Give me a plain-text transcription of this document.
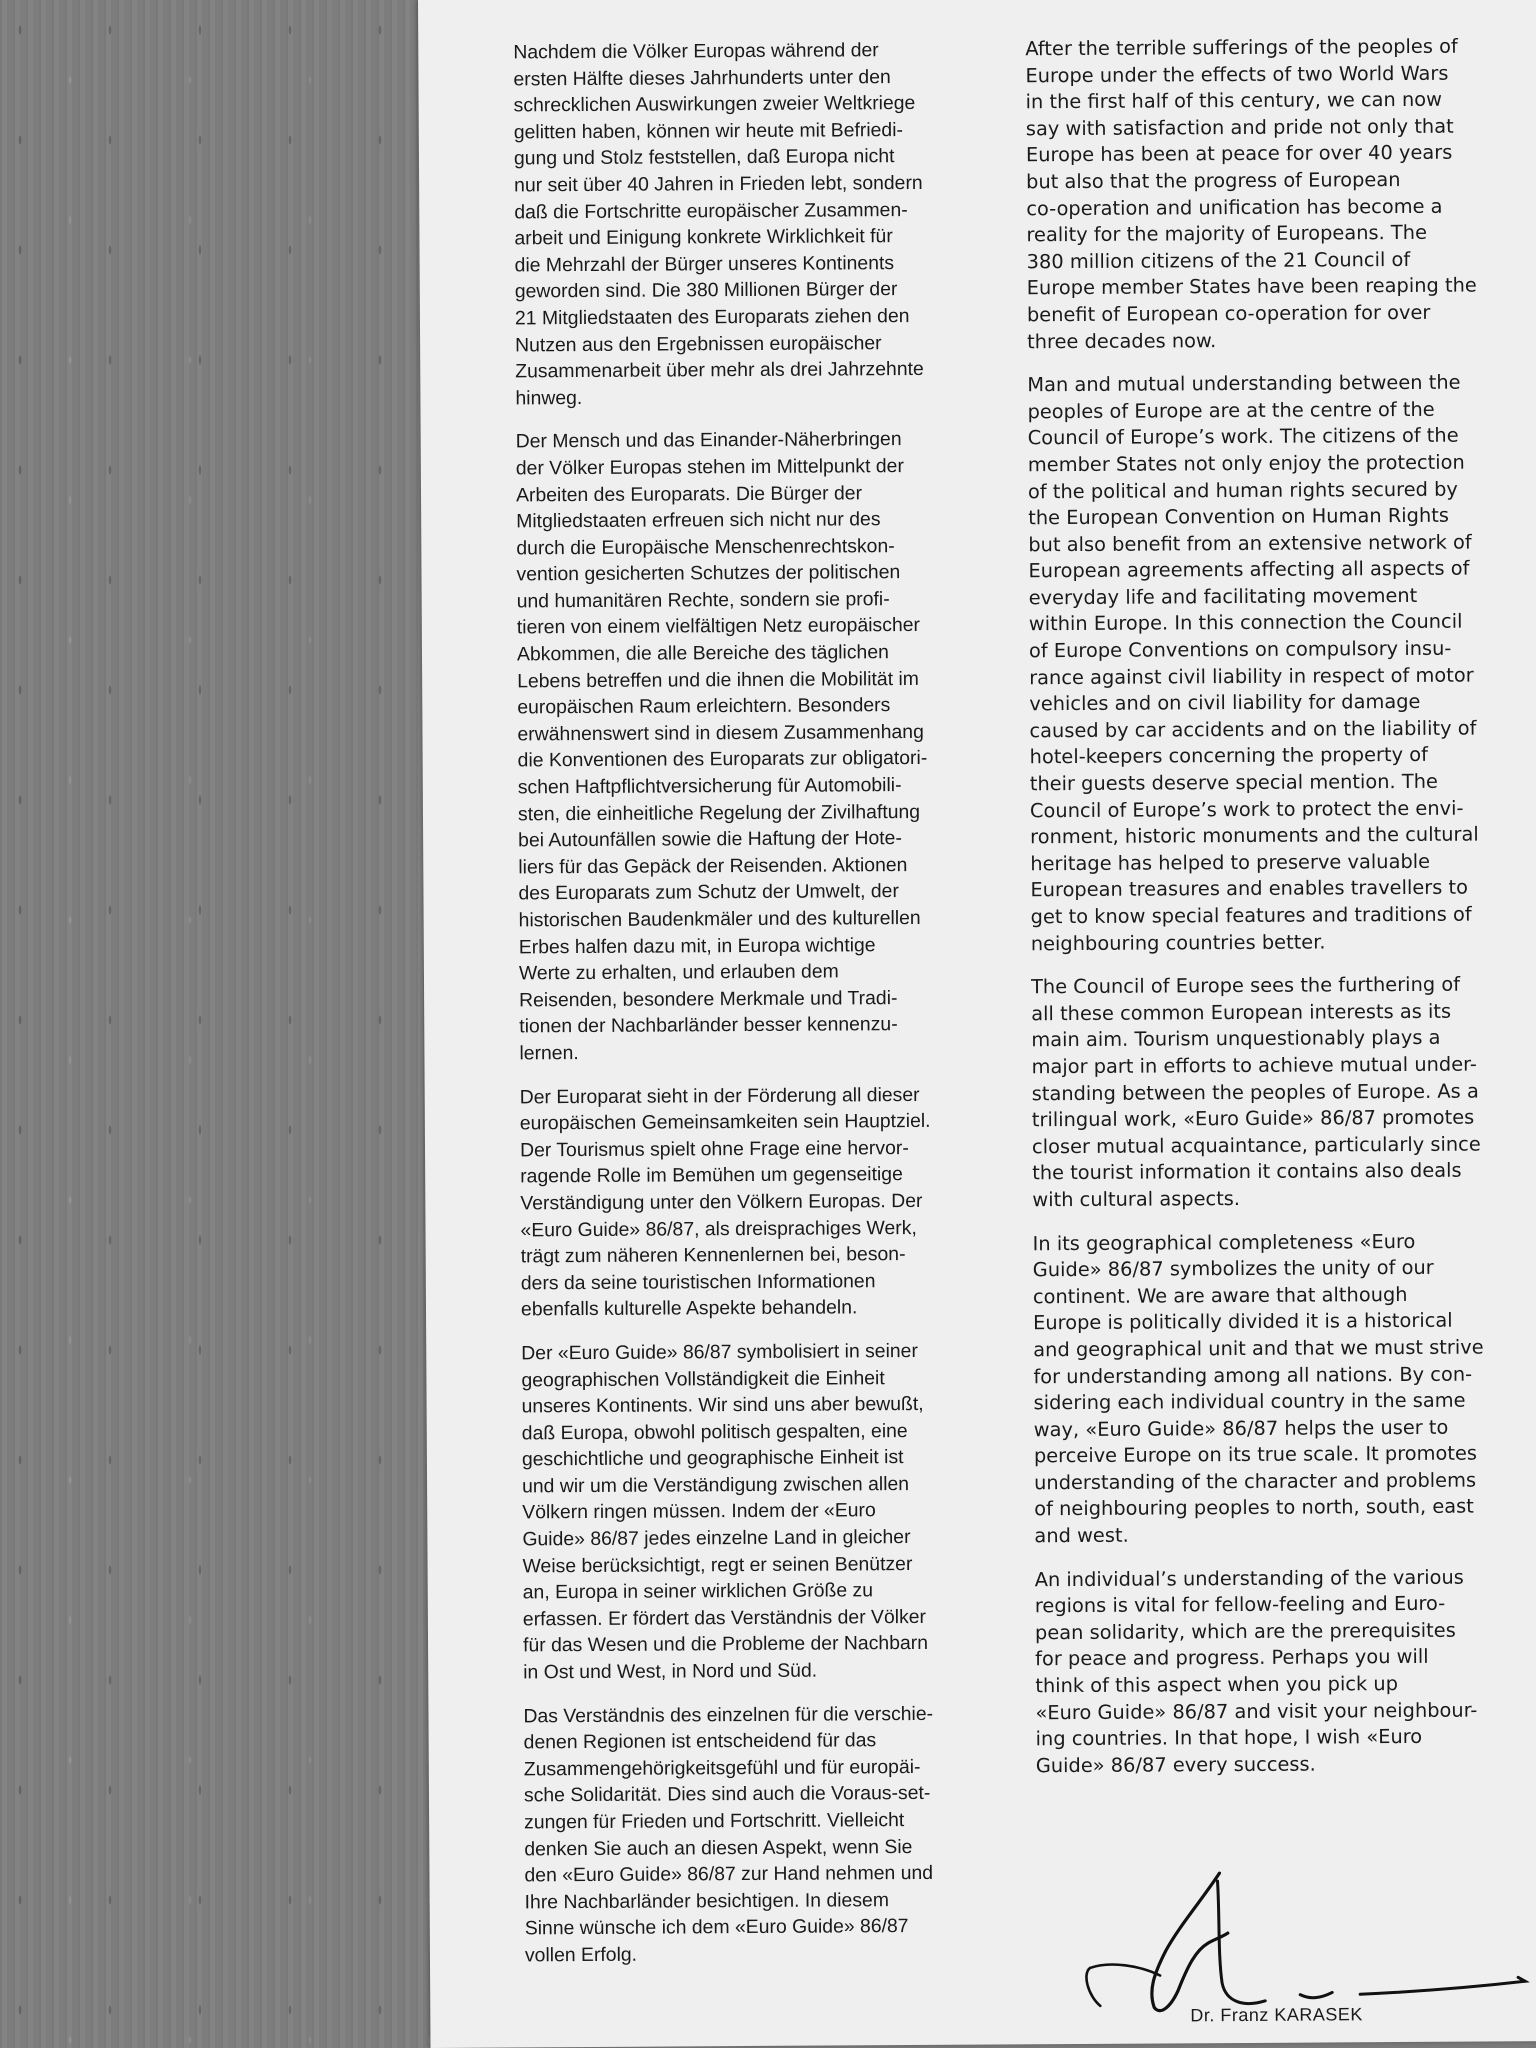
Nachdem die Völker Europas während der
ersten Hälfte dieses Jahrhunderts unter den
schrecklichen Auswirkungen zweier Weltkriege
gelitten haben, können wir heute mit Befriedi-
gung und Stolz feststellen, daß Europa nicht
nur seit über 40 Jahren in Frieden lebt, sondern
daß die Fortschritte europäischer Zusammen-
arbeit und Einigung konkrete Wirklichkeit für
die Mehrzahl der Bürger unseres Kontinents
geworden sind. Die 380 Millionen Bürger der
21 Mitgliedstaaten des Europarats ziehen den
Nutzen aus den Ergebnissen europäischer
Zusammenarbeit über mehr als drei Jahrzehnte
hinweg.

Der Mensch und das Einander-Näherbringen
der Völker Europas stehen im Mittelpunkt der
Arbeiten des Europarats. Die Bürger der
Mitgliedstaaten erfreuen sich nicht nur des
durch die Europäische Menschenrechtskon-
vention gesicherten Schutzes der politischen
und humanitären Rechte, sondern sie profi-
tieren von einem vielfältigen Netz europäischer
Abkommen, die alle Bereiche des täglichen
Lebens betreffen und die ihnen die Mobilität im
europäischen Raum erleichtern. Besonders
erwähnenswert sind in diesem Zusammenhang
die Konventionen des Europarats zur obligatori-
schen Haftpflichtversicherung für Automobili-
sten, die einheitliche Regelung der Zivilhaftung
bei Autounfällen sowie die Haftung der Hote-
liers für das Gepäck der Reisenden. Aktionen
des Europarats zum Schutz der Umwelt, der
historischen Baudenkmäler und des kulturellen
Erbes halfen dazu mit, in Europa wichtige
Werte zu erhalten, und erlauben dem
Reisenden, besondere Merkmale und Tradi-
tionen der Nachbarländer besser kennenzu-
lernen.

Der Europarat sieht in der Förderung all dieser
europäischen Gemeinsamkeiten sein Hauptziel.
Der Tourismus spielt ohne Frage eine hervor-
ragende Rolle im Bemühen um gegenseitige
Verständigung unter den Völkern Europas. Der
«Euro Guide» 86/87, als dreisprachiges Werk,
trägt zum näheren Kennenlernen bei, beson-
ders da seine touristischen Informationen
ebenfalls kulturelle Aspekte behandeln.

Der «Euro Guide» 86/87 symbolisiert in seiner
geographischen Vollständigkeit die Einheit
unseres Kontinents. Wir sind uns aber bewußt,
daß Europa, obwohl politisch gespalten, eine
geschichtliche und geographische Einheit ist
und wir um die Verständigung zwischen allen
Völkern ringen müssen. Indem der «Euro
Guide» 86/87 jedes einzelne Land in gleicher
Weise berücksichtigt, regt er seinen Benützer
an, Europa in seiner wirklichen Größe zu
erfassen. Er fördert das Verständnis der Völker
für das Wesen und die Probleme der Nachbarn
in Ost und West, in Nord und Süd.

Das Verständnis des einzelnen für die verschie-
denen Regionen ist entscheidend für das
Zusammengehörigkeitsgefühl und für europäi-
sche Solidarität. Dies sind auch die Voraus-set-
zungen für Frieden und Fortschritt. Vielleicht
denken Sie auch an diesen Aspekt, wenn Sie
den «Euro Guide» 86/87 zur Hand nehmen und
Ihre Nachbarländer besichtigen. In diesem
Sinne wünsche ich dem «Euro Guide» 86/87
vollen Erfolg.

After the terrible sufferings of the peoples of
Europe under the effects of two World Wars
in the first half of this century, we can now
say with satisfaction and pride not only that
Europe has been at peace for over 40 years
but also that the progress of European
co-operation and unification has become a
reality for the majority of Europeans. The
380 million citizens of the 21 Council of
Europe member States have been reaping the
benefit of European co-operation for over
three decades now.

Man and mutual understanding between the
peoples of Europe are at the centre of the
Council of Europe’s work. The citizens of the
member States not only enjoy the protection
of the political and human rights secured by
the European Convention on Human Rights
but also benefit from an extensive network of
European agreements affecting all aspects of
everyday life and facilitating movement
within Europe. In this connection the Council
of Europe Conventions on compulsory insu-
rance against civil liability in respect of motor
vehicles and on civil liability for damage
caused by car accidents and on the liability of
hotel-keepers concerning the property of
their guests deserve special mention. The
Council of Europe’s work to protect the envi-
ronment, historic monuments and the cultural
heritage has helped to preserve valuable
European treasures and enables travellers to
get to know special features and traditions of
neighbouring countries better.

The Council of Europe sees the furthering of
all these common European interests as its
main aim. Tourism unquestionably plays a
major part in efforts to achieve mutual under-
standing between the peoples of Europe. As a
trilingual work, «Euro Guide» 86/87 promotes
closer mutual acquaintance, particularly since
the tourist information it contains also deals
with cultural aspects.

In its geographical completeness «Euro
Guide» 86/87 symbolizes the unity of our
continent. We are aware that although
Europe is politically divided it is a historical
and geographical unit and that we must strive
for understanding among all nations. By con-
sidering each individual country in the same
way, «Euro Guide» 86/87 helps the user to
perceive Europe on its true scale. It promotes
understanding of the character and problems
of neighbouring peoples to north, south, east
and west.

An individual’s understanding of the various
regions is vital for fellow-feeling and Euro-
pean solidarity, which are the prerequisites
for peace and progress. Perhaps you will
think of this aspect when you pick up
«Euro Guide» 86/87 and visit your neighbour-
ing countries. In that hope, I wish «Euro
Guide» 86/87 every success.

Dr. Franz KARASEK
